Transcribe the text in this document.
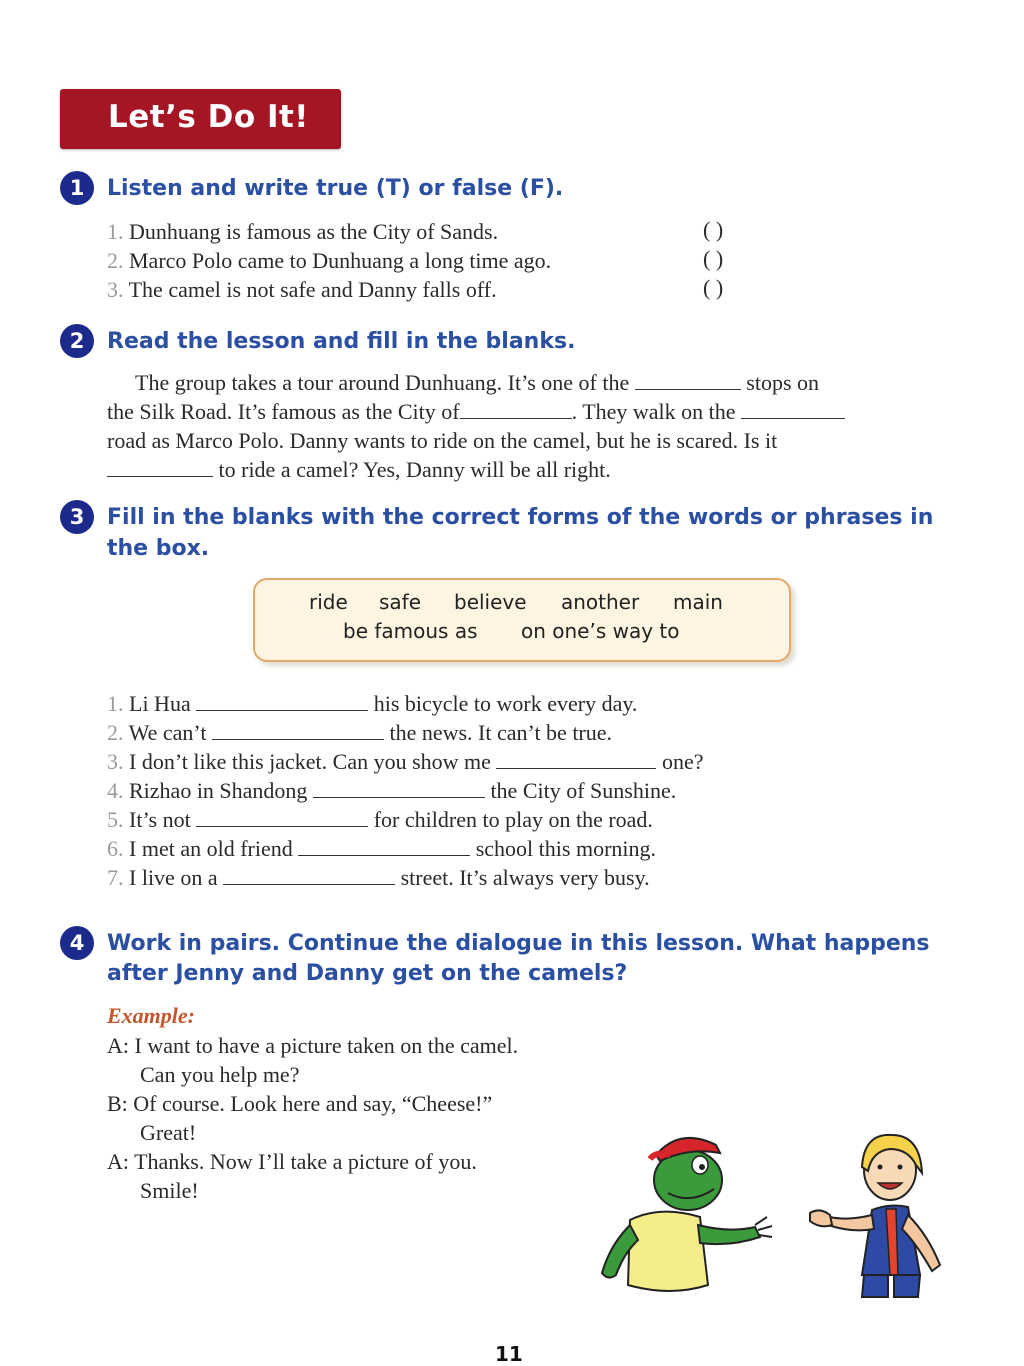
Let’s Do It!
1	Listen and write true (T) or false (F).
1. Dunhuang is famous as the City of Sands.	( )
2. Marco Polo came to Dunhuang a long time ago.	( )
3. The camel is not safe and Danny falls off.	( )
2	Read the lesson and fill in the blanks.
The group takes a tour around Dunhuang. It’s one of the	stops on
the Silk Road. It’s famous as the City of	. They walk on the
road as Marco Polo. Danny wants to ride on the camel, but he is scared. Is it
to ride a camel? Yes, Danny will be all right.
3	Fill in the blanks with the correct forms of the words or phrases in
the box.
ride safe believe another main
be famous as on one’s way to
1. Li Hua	his bicycle to work every day.
2. We can’t	the news. It can’t be true.
3. I don’t like this jacket. Can you show me	one?
4. Rizhao in Shandong	the City of Sunshine.
5. It’s not	for children to play on the road.
6. I met an old friend	school this morning.
7. I live on a	street. It’s always very busy.
4	Work in pairs. Continue the dialogue in this lesson. What happens
after Jenny and Danny get on the camels?
Example:
A: I want to have a picture taken on the camel.
Can you help me?
B: Of course. Look here and say, “Cheese!”
Great!
A: Thanks. Now I’ll take a picture of you.
Smile!
11
